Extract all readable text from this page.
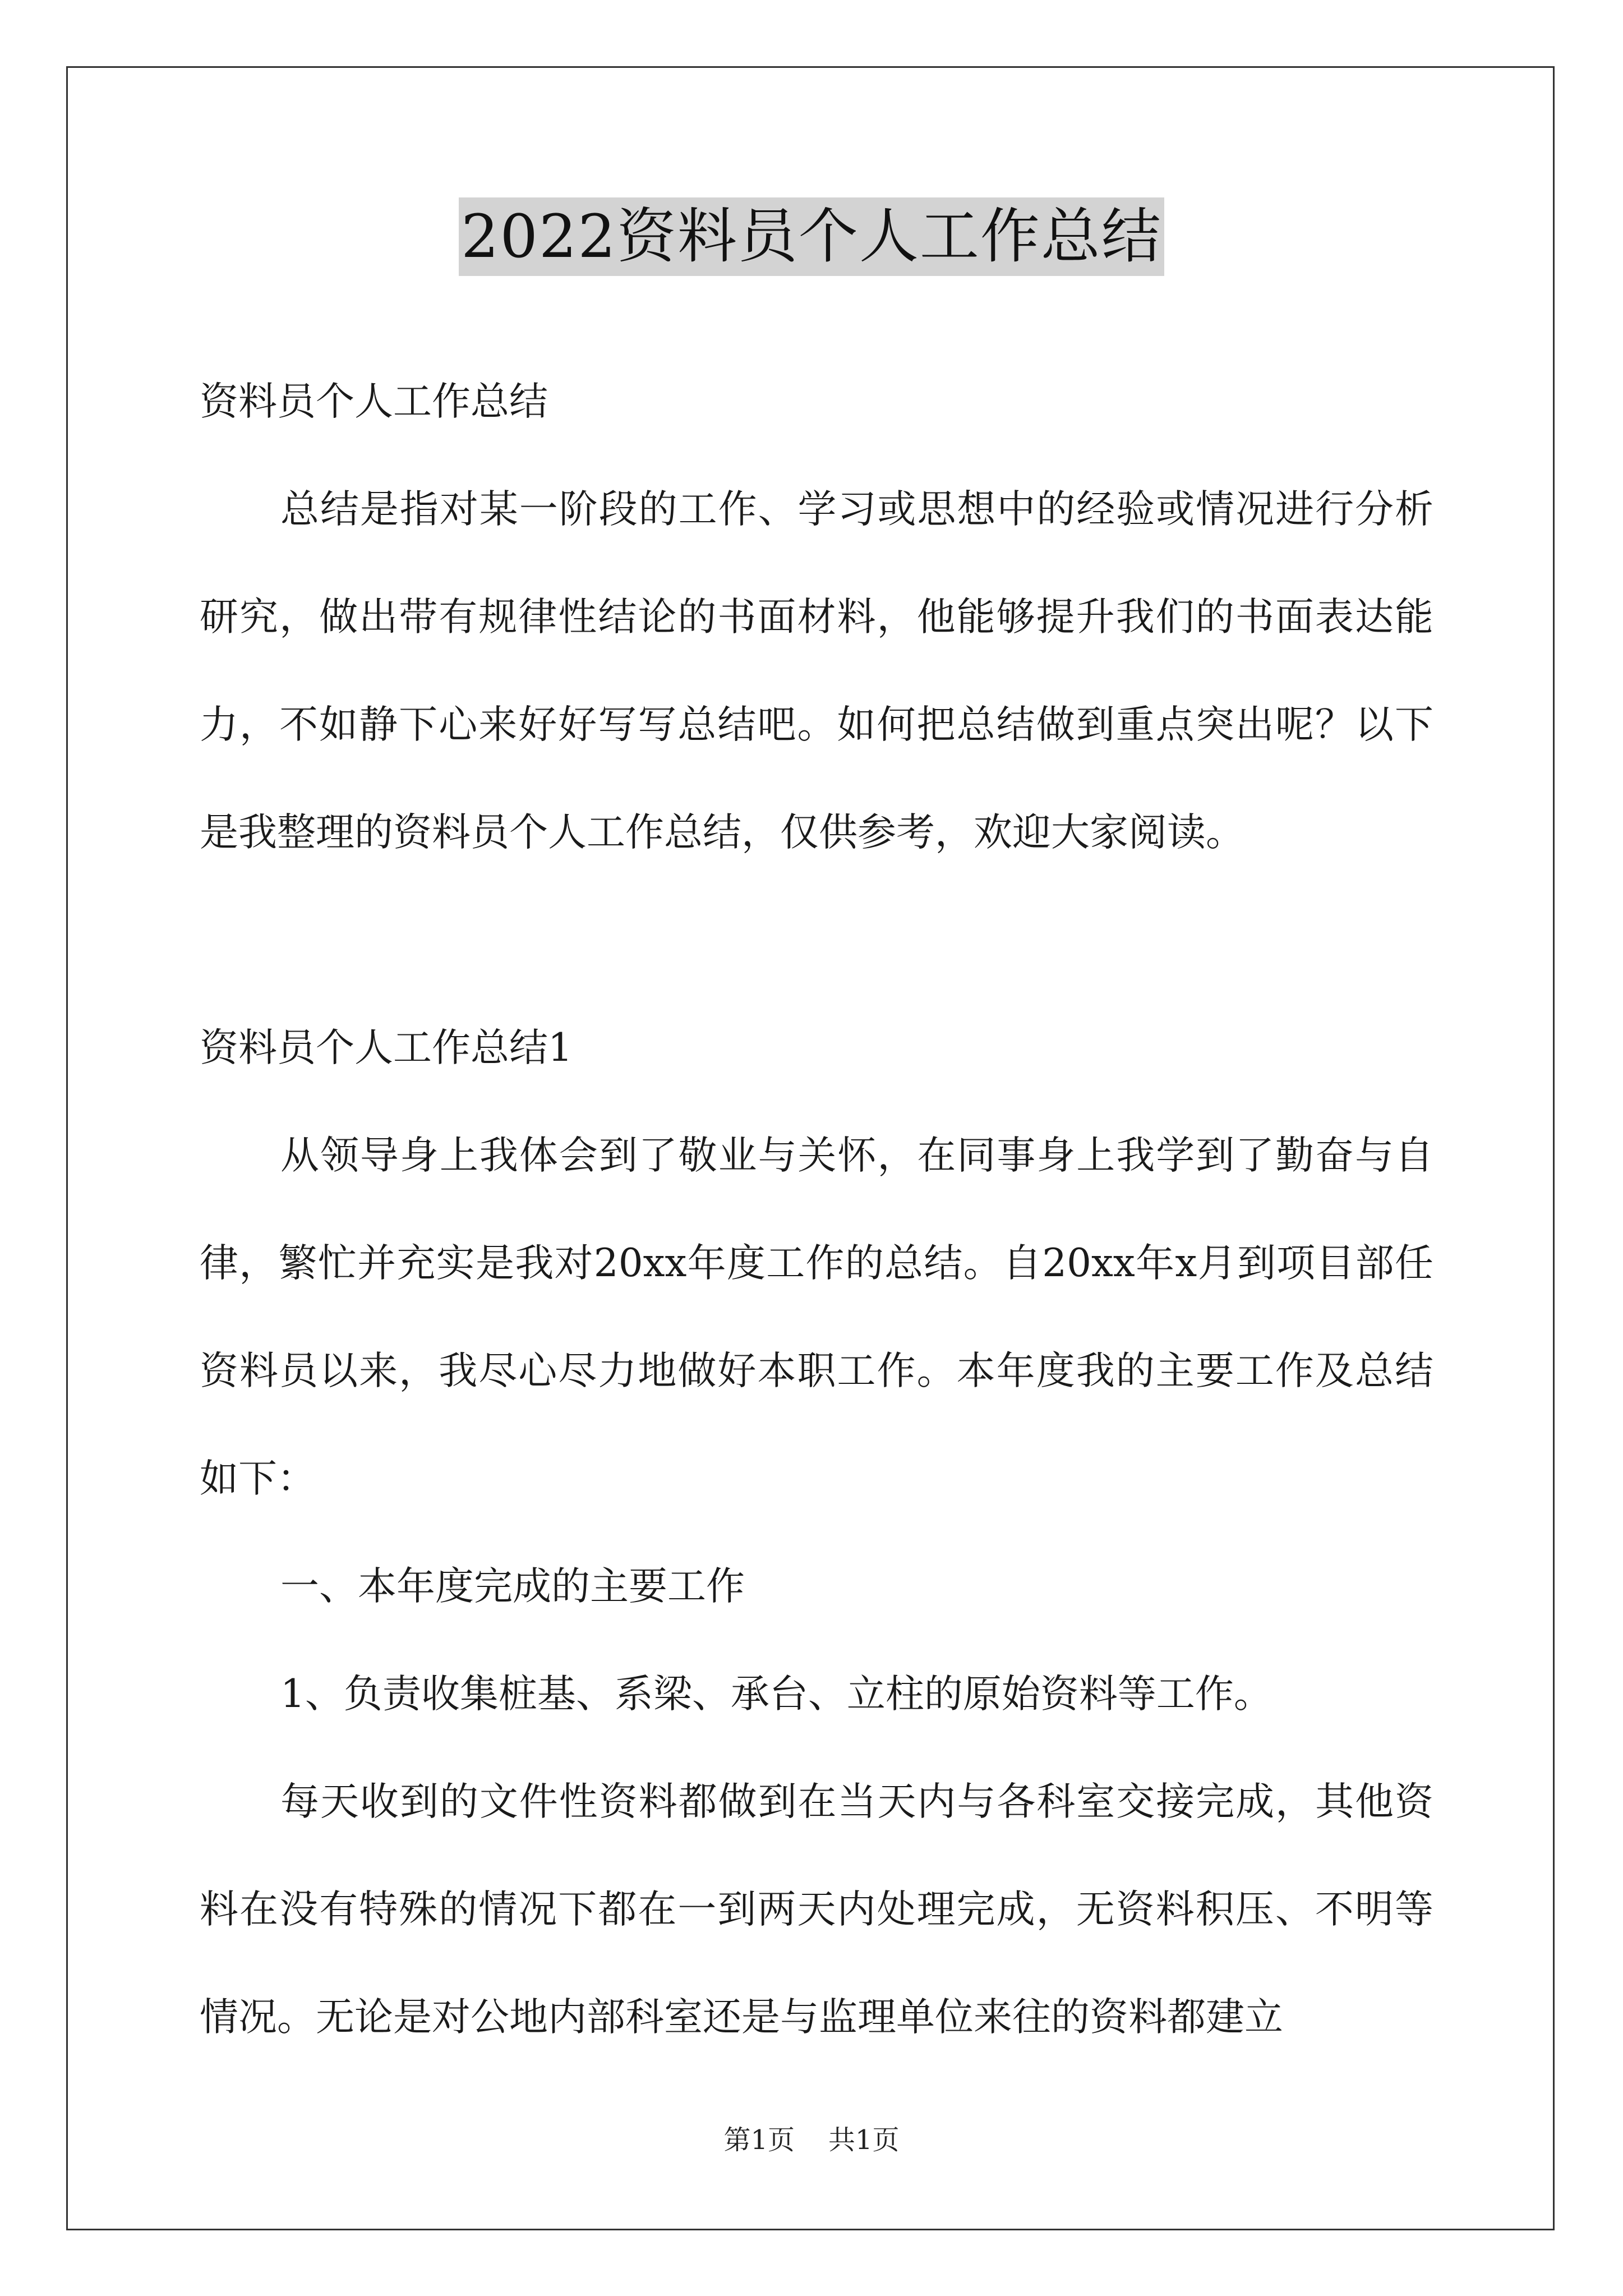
2022资料员个人工作总结

资料员个人工作总结

总结是指对某一阶段的工作、学习或思想中的经验或情况进行分析研究，做出带有规律性结论的书面材料，他能够提升我们的书面表达能力，不如静下心来好好写写总结吧。如何把总结做到重点突出呢？以下是我整理的资料员个人工作总结，仅供参考，欢迎大家阅读。

资料员个人工作总结1

从领导身上我体会到了敬业与关怀，在同事身上我学到了勤奋与自律，繁忙并充实是我对20xx年度工作的总结。自20xx年x月到项目部任资料员以来，我尽心尽力地做好本职工作。本年度我的主要工作及总结如下：

一、本年度完成的主要工作

1、负责收集桩基、系梁、承台、立柱的原始资料等工作。

每天收到的文件性资料都做到在当天内与各科室交接完成，其他资料在没有特殊的情况下都在一到两天内处理完成，无资料积压、不明等情况。无论是对公地内部科室还是与监理单位来往的资料都建立

第1页 共1页
